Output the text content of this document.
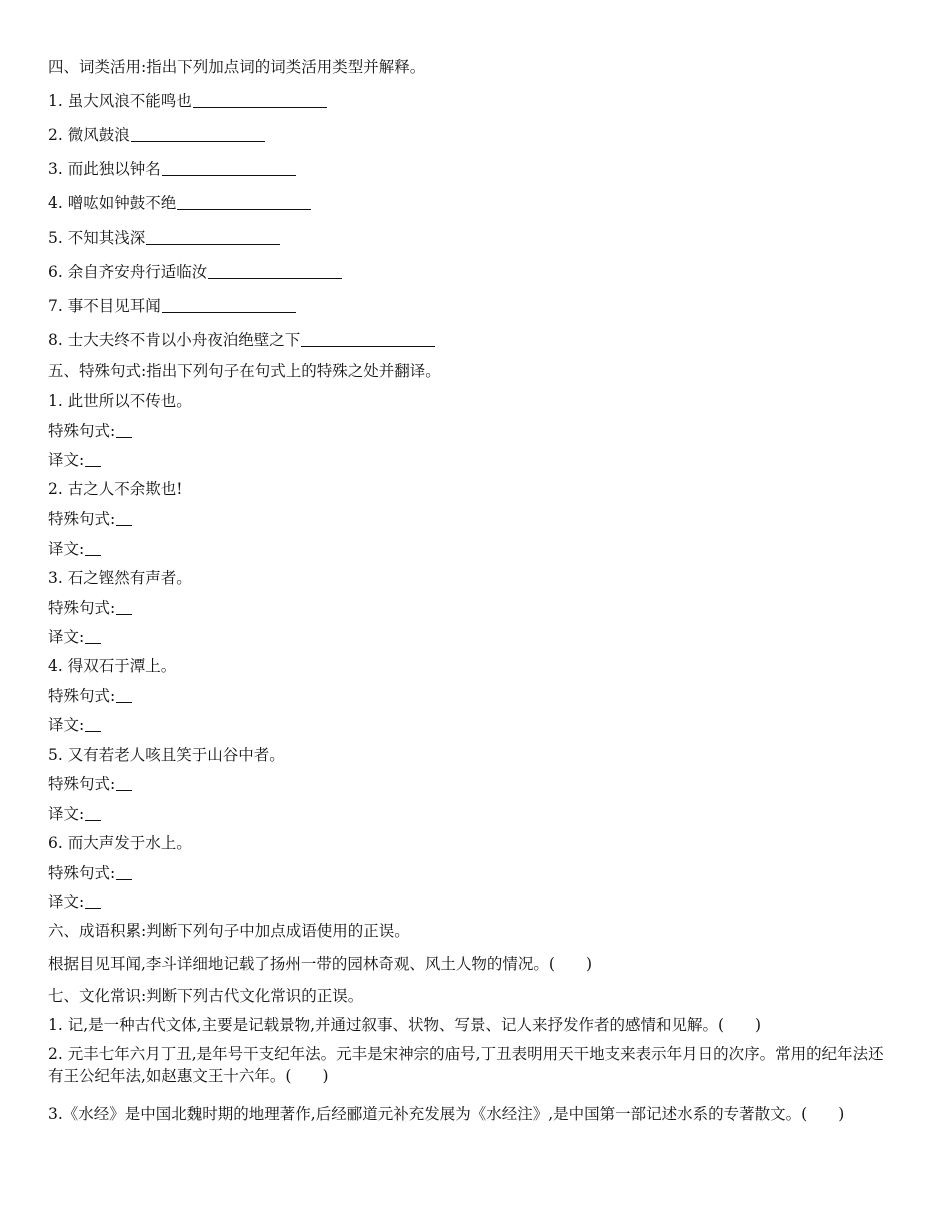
四、词类活用:指出下列加点词的词类活用类型并解释。
1. 虽大风浪不能鸣也
2. 微风鼓浪
3. 而此独以钟名
4. 噌吰如钟鼓不绝
5. 不知其浅深
6. 余自齐安舟行适临汝
7. 事不目见耳闻
8. 士大夫终不肯以小舟夜泊绝壁之下
五、特殊句式:指出下列句子在句式上的特殊之处并翻译。
1. 此世所以不传也。
特殊句式:
译文:
2. 古之人不余欺也!
特殊句式:
译文:
3. 石之铿然有声者。
特殊句式:
译文:
4. 得双石于潭上。
特殊句式:
译文:
5. 又有若老人咳且笑于山谷中者。
特殊句式:
译文:
6. 而大声发于水上。
特殊句式:
译文:
六、成语积累:判断下列句子中加点成语使用的正误。
根据目见耳闻,李斗详细地记载了扬州一带的园林奇观、风土人物的情况。(　　)
七、文化常识:判断下列古代文化常识的正误。
1. 记,是一种古代文体,主要是记载景物,并通过叙事、状物、写景、记人来抒发作者的感情和见解。(　　)
2. 元丰七年六月丁丑,是年号干支纪年法。元丰是宋神宗的庙号,丁丑表明用天干地支来表示年月日的次序。常用的纪年法还有王公纪年法,如赵惠文王十六年。(　　)
3.《水经》是中国北魏时期的地理著作,后经郦道元补充发展为《水经注》,是中国第一部记述水系的专著散文。(　　)
